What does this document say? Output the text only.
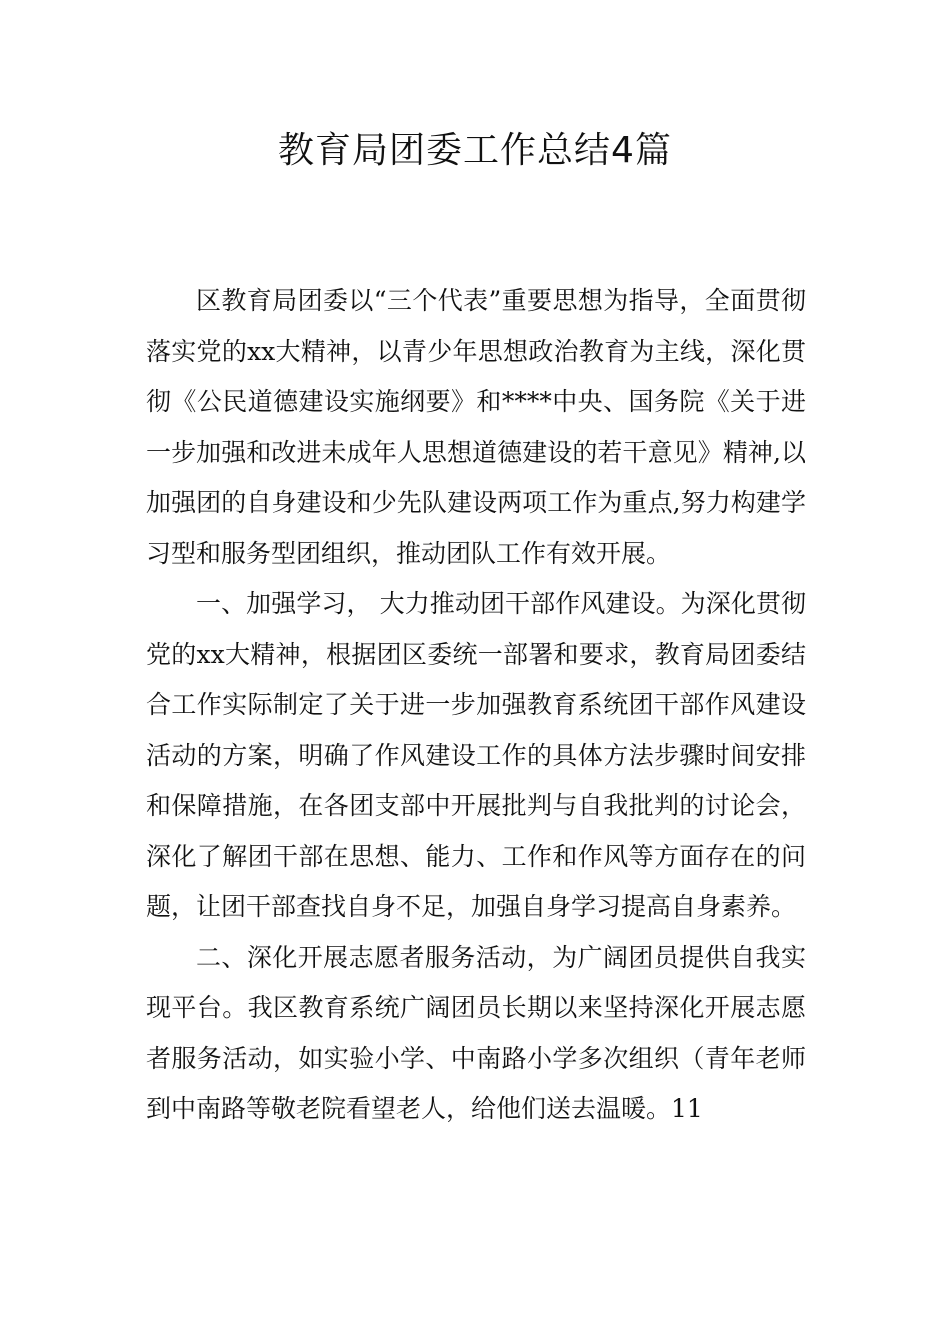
教育局团委工作总结4篇

区教育局团委以“三个代表”重要思想为指导，全面贯彻落实党的xx大精神，以青少年思想政治教育为主线，深化贯彻《公民道德建设实施纲要》和****中央、国务院《关于进一步加强和改进未成年人思想道德建设的若干意见》精神,以加强团的自身建设和少先队建设两项工作为重点,努力构建学习型和服务型团组织，推动团队工作有效开展。

一、加强学习， 大力推动团干部作风建设。为深化贯彻党的xx大精神，根据团区委统一部署和要求，教育局团委结合工作实际制定了关于进一步加强教育系统团干部作风建设活动的方案，明确了作风建设工作的具体方法步骤时间安排和保障措施，在各团支部中开展批判与自我批判的讨论会，深化了解团干部在思想、能力、工作和作风等方面存在的问题，让团干部查找自身不足，加强自身学习提高自身素养。

二、深化开展志愿者服务活动，为广阔团员提供自我实现平台。我区教育系统广阔团员长期以来坚持深化开展志愿者服务活动，如实验小学、中南路小学多次组织（青年老师到中南路等敬老院看望老人，给他们送去温暖。11
